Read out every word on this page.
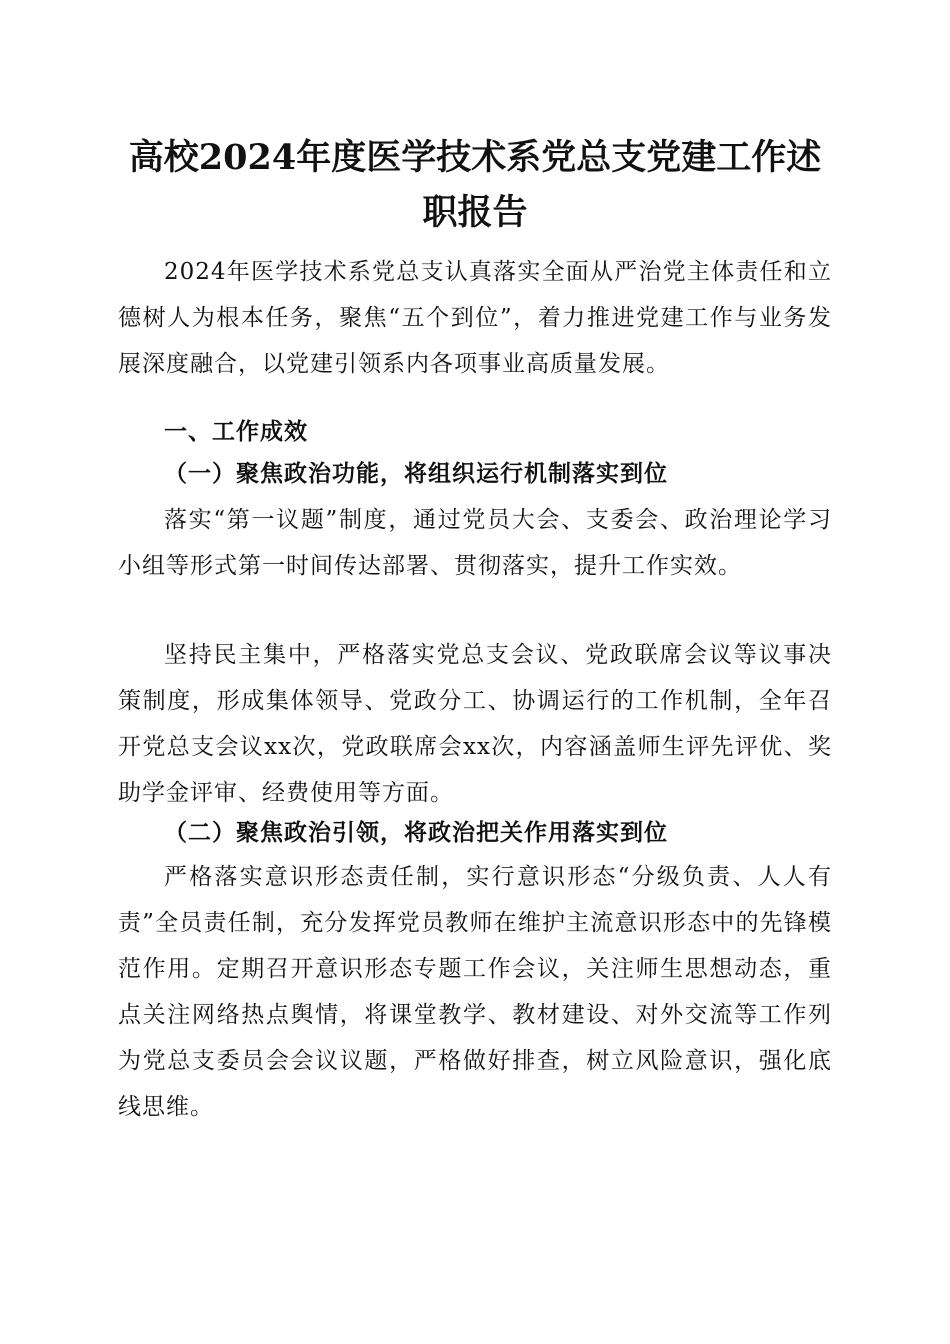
高校2024年度医学技术系党总支党建工作述职报告

2024年医学技术系党总支认真落实全面从严治党主体责任和立德树人为根本任务，聚焦“五个到位”，着力推进党建工作与业务发展深度融合，以党建引领系内各项事业高质量发展。

一、工作成效
（一）聚焦政治功能，将组织运行机制落实到位

落实“第一议题”制度，通过党员大会、支委会、政治理论学习小组等形式第一时间传达部署、贯彻落实，提升工作实效。

坚持民主集中，严格落实党总支会议、党政联席会议等议事决策制度，形成集体领导、党政分工、协调运行的工作机制，全年召开党总支会议xx次，党政联席会xx次，内容涵盖师生评先评优、奖助学金评审、经费使用等方面。

（二）聚焦政治引领，将政治把关作用落实到位

严格落实意识形态责任制，实行意识形态“分级负责、人人有责”全员责任制，充分发挥党员教师在维护主流意识形态中的先锋模范作用。定期召开意识形态专题工作会议，关注师生思想动态，重点关注网络热点舆情，将课堂教学、教材建设、对外交流等工作列为党总支委员会会议议题，严格做好排查，树立风险意识，强化底线思维。
